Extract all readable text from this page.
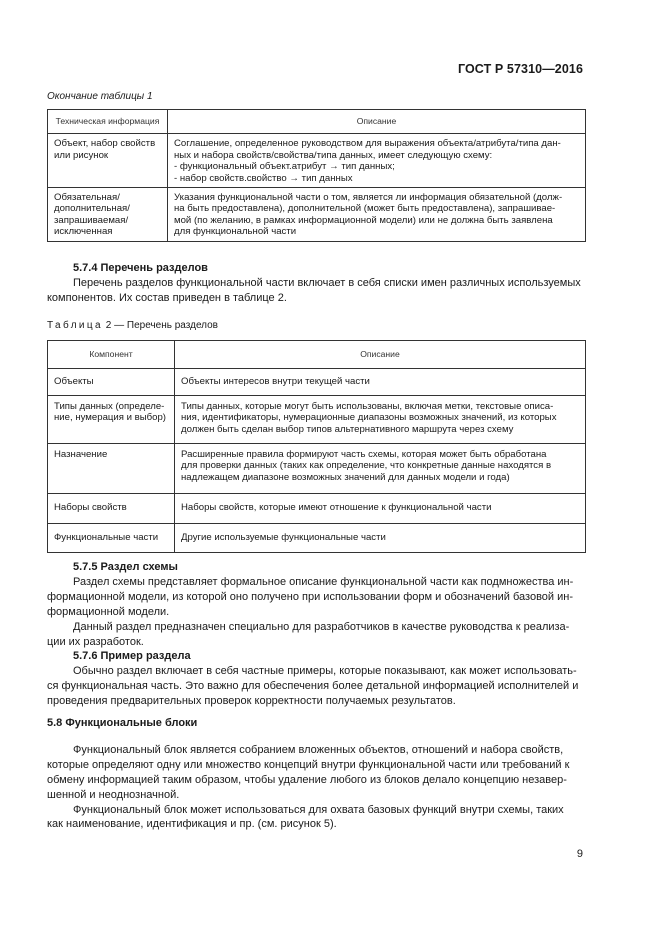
ГОСТ Р 57310—2016
Окончание таблицы 1
Техническая информация	Описание
Объект, набор свойств или рисунок	Соглашение, определенное руководством для выражения объекта/атрибута/типа дан-
ных и набора свойств/свойства/типа данных, имеет следующую схему:
- функциональный объект.атрибут → тип данных;
- набор свойств.свойство → тип данных

Обязательная/ дополнительная/ запрашиваемая/ исключенная	Указания функциональной части о том, является ли информация обязательной (долж-
на быть предоставлена), дополнительной (может быть предоставлена), запрашивае-
мой (по желанию, в рамках информационной модели) или не должна быть заявлена
для функциональной части

5.7.4 Перечень разделов

Перечень разделов функциональной части включает в себя списки имен различных используемых
компонентов. Их состав приведен в таблице 2.
Таблица 2 — Перечень разделов
Компонент	Описание
Объекты	Объекты интересов внутри текущей части

Типы данных (определе-ние, нумерация и выбор)	Типы данных, которые могут быть использованы, включая метки, текстовые описа-
ния, идентификаторы, нумерационные диапазоны возможных значений, из которых
должен быть сделан выбор типов альтернативного маршрута через схему

Назначение	Расширенные правила формируют часть схемы, которая может быть обработана
для проверки данных (таких как определение, что конкретные данные находятся в
надлежащем диапазоне возможных значений для данных модели и года)

Наборы свойств	Наборы свойств, которые имеют отношение к функциональной части

Функциональные части	Другие используемые функциональные части

5.7.5 Раздел схемы

Раздел схемы представляет формальное описание функциональной части как подмножества ин-
формационной модели, из которой оно получено при использовании форм и обозначений базовой ин-
формационной модели.
Данный раздел предназначен специально для разработчиков в качестве руководства к реализа-
ции их разработок.

5.7.6 Пример раздела

Обычно раздел включает в себя частные примеры, которые показывают, как может использовать-
ся функциональная часть. Это важно для обеспечения более детальной информацией исполнителей и
проведения предварительных проверок корректности получаемых результатов.

5.8 Функциональные блоки

Функциональный блок является собранием вложенных объектов, отношений и набора свойств,
которые определяют одну или множество концепций внутри функциональной части или требований к
обмену информацией таким образом, чтобы удаление любого из блоков делало концепцию незавер-
шенной и неоднозначной.
Функциональный блок может использоваться для охвата базовых функций внутри схемы, таких
как наименование, идентификация и пр. (см. рисунок 5).
9
